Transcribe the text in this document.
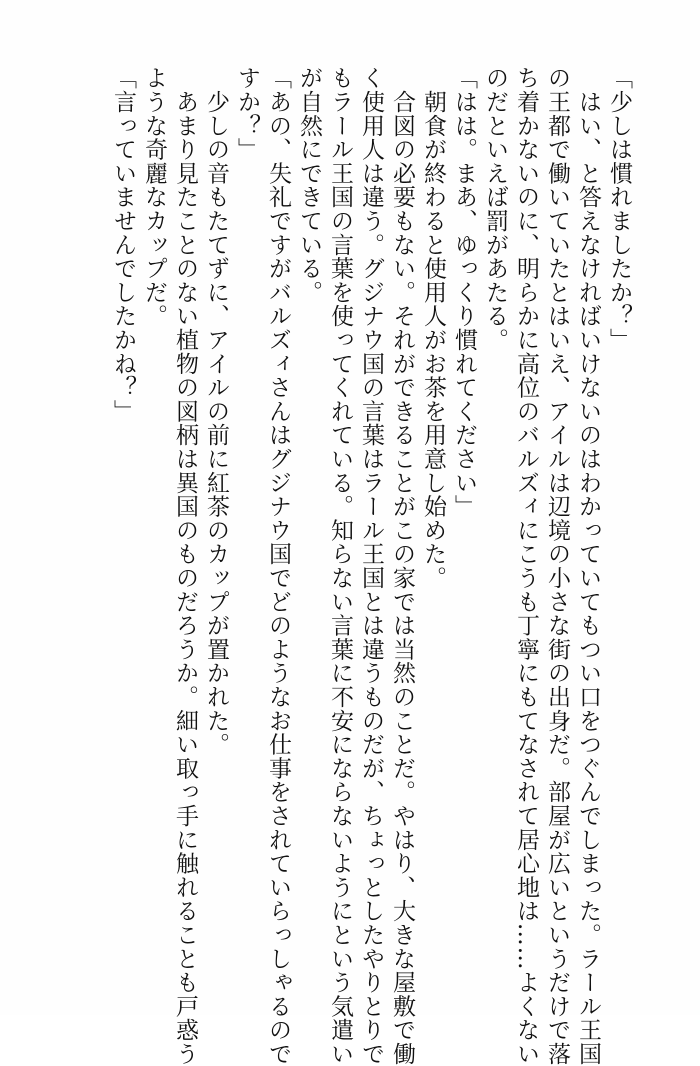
「少しは慣れましたか？」
　はい、と答えなければいけないのはわかっていてもつい口をつぐんでしまった。ラール王国
の王都で働いていたとはいえ、アイルは辺境の小さな街の出身だ。部屋が広いというだけで落
ち着かないのに、明らかに高位のバルズィにこうも丁寧にもてなされて居心地は……よくない
のだといえば罰があたる。
「はは。まあ、ゆっくり慣れてください」
　朝食が終わると使用人がお茶を用意し始めた。
　合図の必要もない。それができることがこの家では当然のことだ。やはり、大きな屋敷で働
く使用人は違う。グジナウ国の言葉はラール王国とは違うものだが、ちょっとしたやりとりで
もラール王国の言葉を使ってくれている。知らない言葉に不安にならないようにという気遣い
が自然にできている。
「あの、失礼ですがバルズィさんはグジナウ国でどのようなお仕事をされていらっしゃるので
すか？」
　少しの音もたてずに、アイルの前に紅茶のカップが置かれた。
　あまり見たことのない植物の図柄は異国のものだろうか。細い取っ手に触れることも戸惑う
ような奇麗なカップだ。
「言っていませんでしたかね？」
